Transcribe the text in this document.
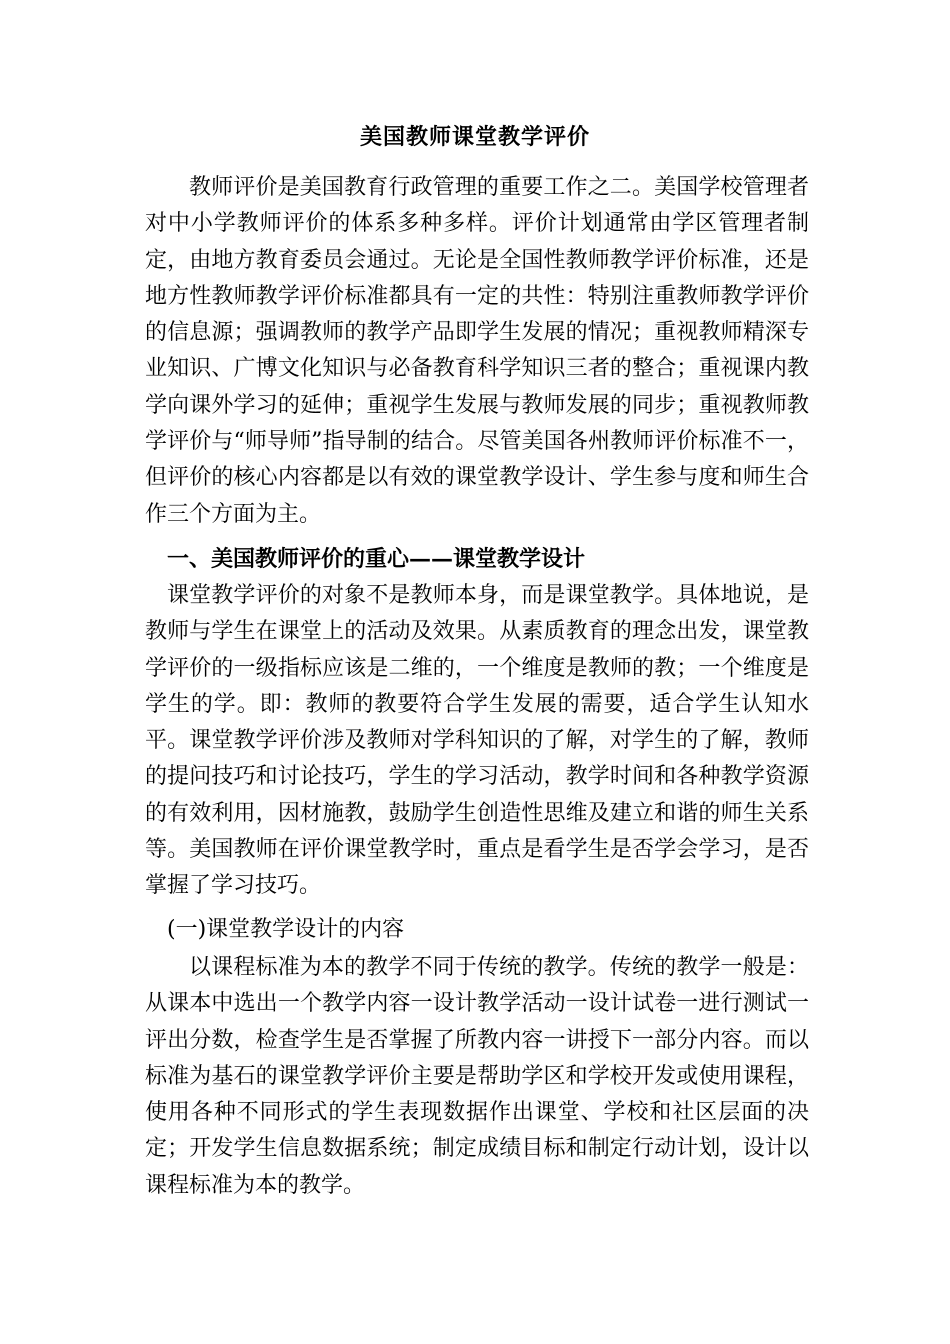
美国教师课堂教学评价

教师评价是美国教育行政管理的重要工作之二。美国学校管理者对中小学教师评价的体系多种多样。评价计划通常由学区管理者制定，由地方教育委员会通过。无论是全国性教师教学评价标准，还是地方性教师教学评价标准都具有一定的共性：特别注重教师教学评价的信息源；强调教师的教学产品即学生发展的情况；重视教师精深专业知识、广博文化知识与必备教育科学知识三者的整合；重视课内教学向课外学习的延伸；重视学生发展与教师发展的同步；重视教师教学评价与“师导师”指导制的结合。尽管美国各州教师评价标准不一，但评价的核心内容都是以有效的课堂教学设计、学生参与度和师生合作三个方面为主。

一、美国教师评价的重心——课堂教学设计

课堂教学评价的对象不是教师本身，而是课堂教学。具体地说，是教师与学生在课堂上的活动及效果。从素质教育的理念出发，课堂教学评价的一级指标应该是二维的，一个维度是教师的教；一个维度是学生的学。即：教师的教要符合学生发展的需要，适合学生认知水平。课堂教学评价涉及教师对学科知识的了解，对学生的了解，教师的提问技巧和讨论技巧，学生的学习活动，教学时间和各种教学资源的有效利用，因材施教，鼓励学生创造性思维及建立和谐的师生关系等。美国教师在评价课堂教学时，重点是看学生是否学会学习，是否掌握了学习技巧。

(一)课堂教学设计的内容

以课程标准为本的教学不同于传统的教学。传统的教学一般是：从课本中选出一个教学内容一设计教学活动一设计试卷一进行测试一评出分数，检查学生是否掌握了所教内容一讲授下一部分内容。而以标准为基石的课堂教学评价主要是帮助学区和学校开发或使用课程，使用各种不同形式的学生表现数据作出课堂、学校和社区层面的决定；开发学生信息数据系统；制定成绩目标和制定行动计划，设计以课程标准为本的教学。
